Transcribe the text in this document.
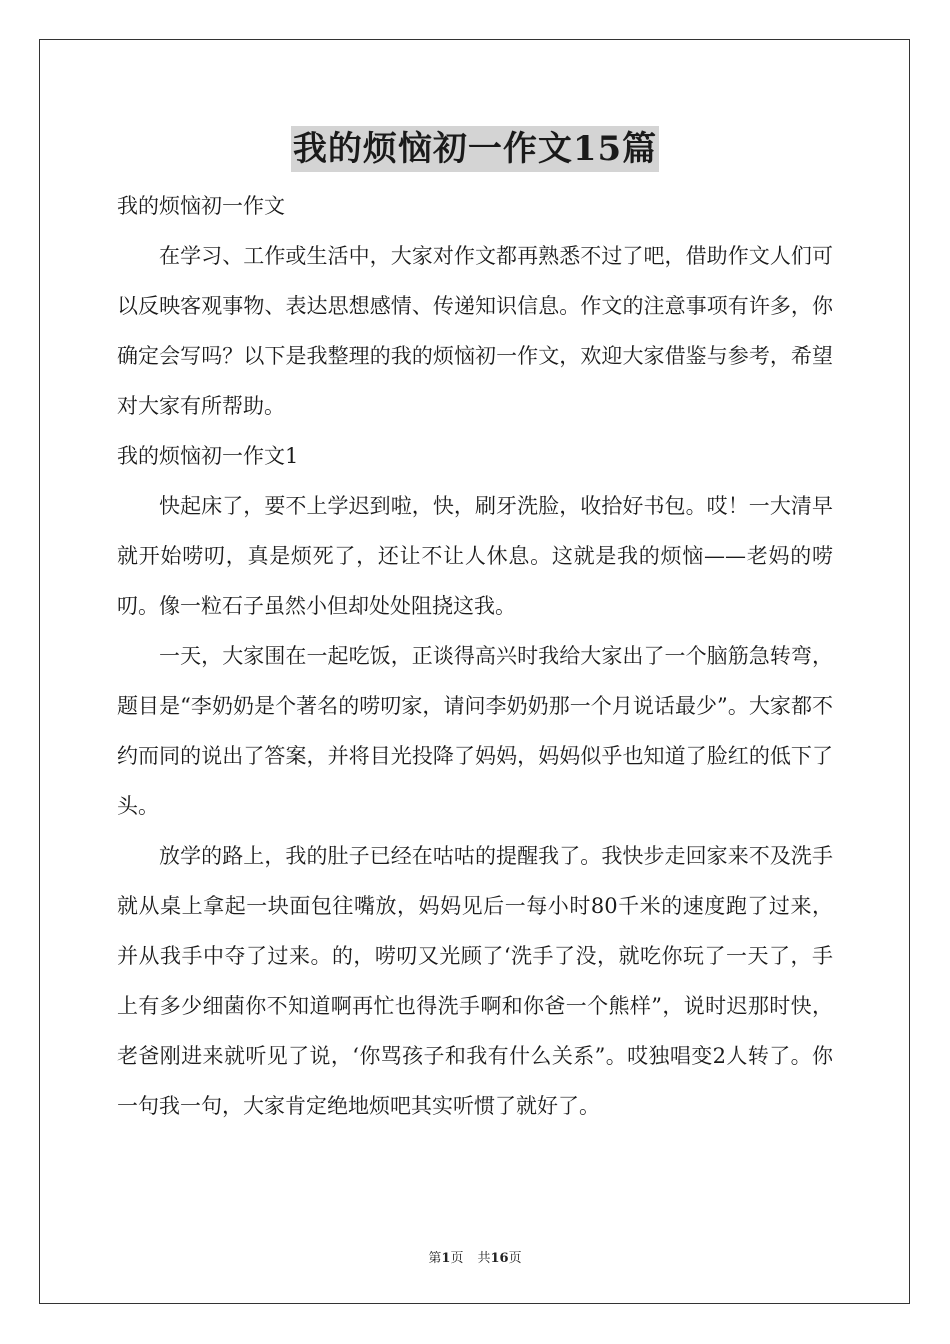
我的烦恼初一作文15篇
我的烦恼初一作文

在学习、工作或生活中，大家对作文都再熟悉不过了吧，借助作文人们可以反映客观事物、表达思想感情、传递知识信息。作文的注意事项有许多，你确定会写吗？以下是我整理的我的烦恼初一作文，欢迎大家借鉴与参考，希望对大家有所帮助。

我的烦恼初一作文1

快起床了，要不上学迟到啦，快，刷牙洗脸，收拾好书包。哎！一大清早就开始唠叨，真是烦死了，还让不让人休息。这就是我的烦恼——老妈的唠叨。像一粒石子虽然小但却处处阻挠这我。

一天，大家围在一起吃饭，正谈得高兴时我给大家出了一个脑筋急转弯，题目是“李奶奶是个著名的唠叨家，请问李奶奶那一个月说话最少”。大家都不约而同的说出了答案，并将目光投降了妈妈，妈妈似乎也知道了脸红的低下了头。

放学的路上，我的肚子已经在咕咕的提醒我了。我快步走回家来不及洗手就从桌上拿起一块面包往嘴放，妈妈见后一每小时80千米的速度跑了过来，并从我手中夺了过来。的，唠叨又光顾了‘洗手了没，就吃你玩了一天了，手上有多少细菌你不知道啊再忙也得洗手啊和你爸一个熊样”，说时迟那时快，老爸刚进来就听见了说，‘你骂孩子和我有什么关系”。哎独唱变2人转了。你一句我一句，大家肯定绝地烦吧其实听惯了就好了。

第1页 共16页
